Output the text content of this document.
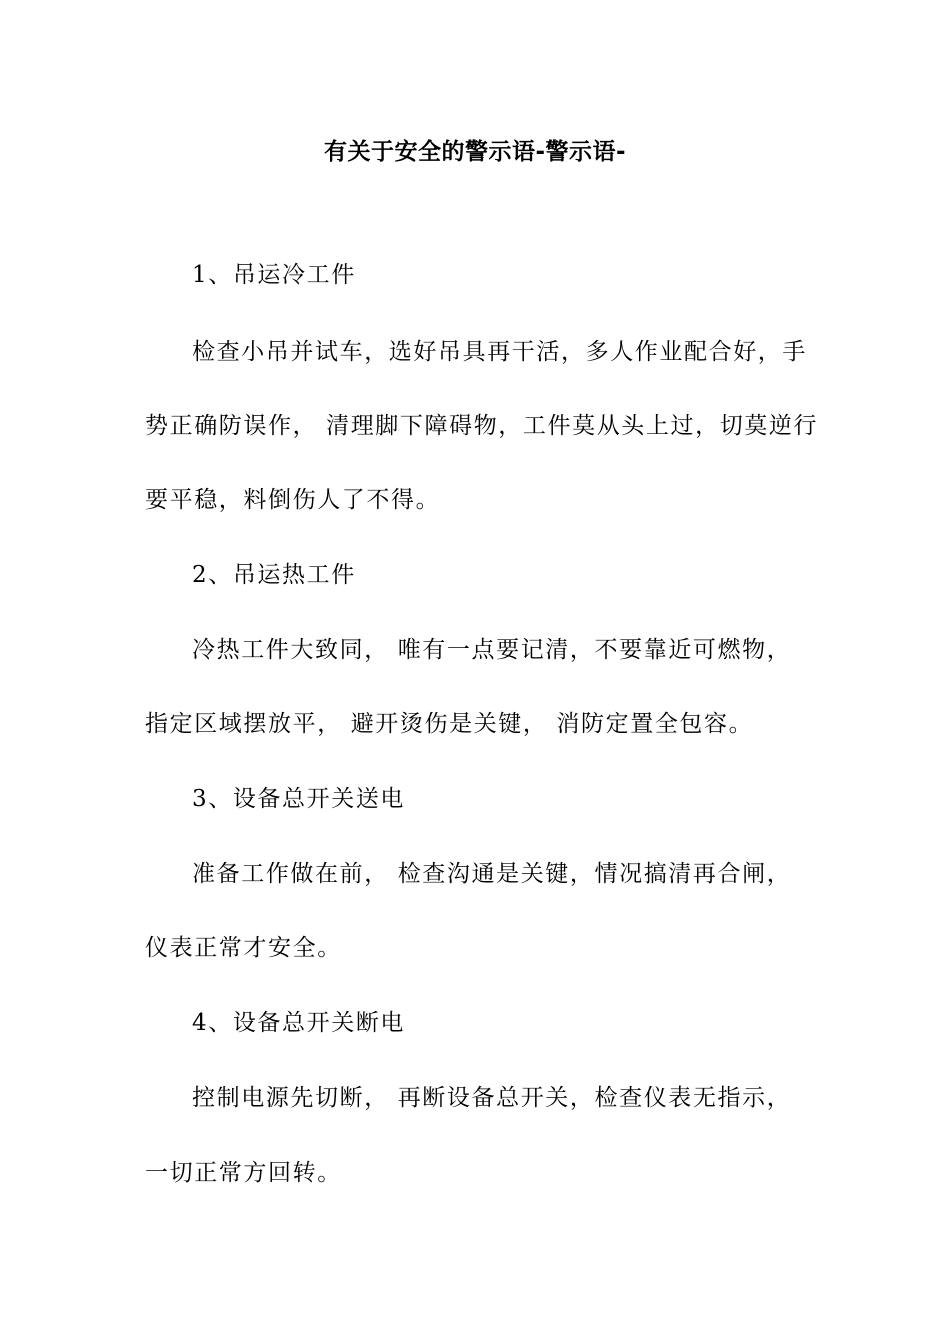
有关于安全的警示语-警示语-
1、吊运冷工件
检查小吊并试车，选好吊具再干活，多人作业配合好，手
势正确防误作， 清理脚下障碍物，工件莫从头上过，切莫逆行
要平稳，料倒伤人了不得。
2、吊运热工件
冷热工件大致同， 唯有一点要记清，不要靠近可燃物，
指定区域摆放平， 避开烫伤是关键， 消防定置全包容。
3、设备总开关送电
准备工作做在前， 检查沟通是关键，情况搞清再合闸，
仪表正常才安全。
4、设备总开关断电
控制电源先切断， 再断设备总开关，检查仪表无指示，
一切正常方回转。
